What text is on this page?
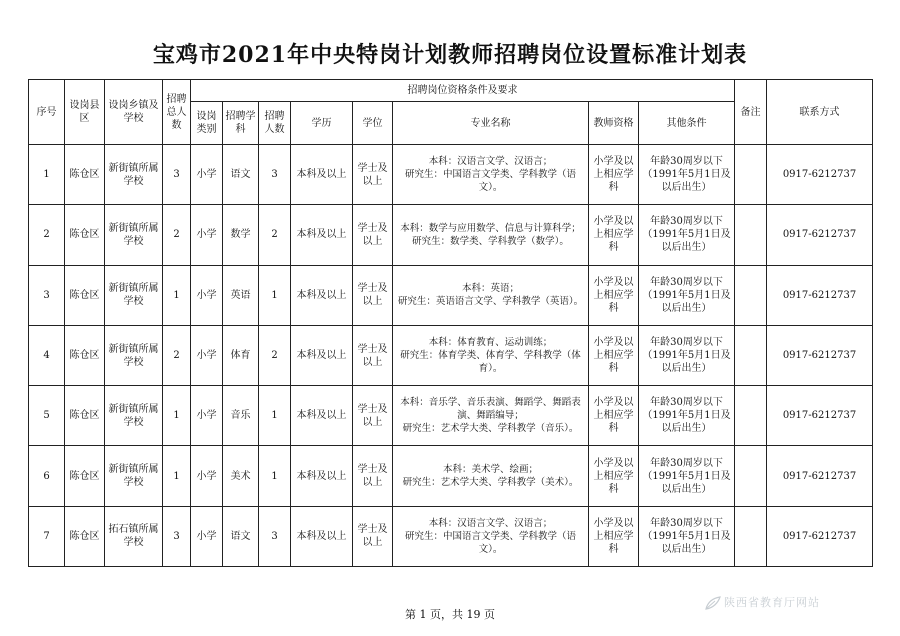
宝鸡市2021年中央特岗计划教师招聘岗位设置标准计划表
序号	设岗县区	设岗乡镇及学校	招聘总人数	招聘岗位资格条件及要求								备注	联系方式
				设岗类别	招聘学科	招聘人数	学历	学位	专业名称	教师资格	其他条件		
1	陈仓区	新街镇所属学校	3	小学	语文	3	本科及以上	学士及以上	本科：汉语言文学、汉语言；
研究生：中国语言文学类、学科教学（语文）。	小学及以上相应学科	年龄30周岁以下（1991年5月1日及以后出生）		0917-6212737
2	陈仓区	新街镇所属学校	2	小学	数学	2	本科及以上	学士及以上	本科：数学与应用数学、信息与计算科学；
研究生：数学类、学科教学（数学）。	小学及以上相应学科	年龄30周岁以下（1991年5月1日及以后出生）		0917-6212737
3	陈仓区	新街镇所属学校	1	小学	英语	1	本科及以上	学士及以上	本科：英语；
研究生：英语语言文学、学科教学（英语）。	小学及以上相应学科	年龄30周岁以下（1991年5月1日及以后出生）		0917-6212737
4	陈仓区	新街镇所属学校	2	小学	体育	2	本科及以上	学士及以上	本科：体育教育、运动训练；
研究生：体育学类、体育学、学科教学（体育）。	小学及以上相应学科	年龄30周岁以下（1991年5月1日及以后出生）		0917-6212737
5	陈仓区	新街镇所属学校	1	小学	音乐	1	本科及以上	学士及以上	本科：音乐学、音乐表演、舞蹈学、舞蹈表演、舞蹈编导；
研究生：艺术学大类、学科教学（音乐）。	小学及以上相应学科	年龄30周岁以下（1991年5月1日及以后出生）		0917-6212737
6	陈仓区	新街镇所属学校	1	小学	美术	1	本科及以上	学士及以上	本科：美术学、绘画；
研究生：艺术学大类、学科教学（美术）。	小学及以上相应学科	年龄30周岁以下（1991年5月1日及以后出生）		0917-6212737
7	陈仓区	拓石镇所属学校	3	小学	语文	3	本科及以上	学士及以上	本科：汉语言文学、汉语言；
研究生：中国语言文学类、学科教学（语文）。	小学及以上相应学科	年龄30周岁以下（1991年5月1日及以后出生）		0917-6212737
第 1 页，共 19 页
陕西省教育厅网站
